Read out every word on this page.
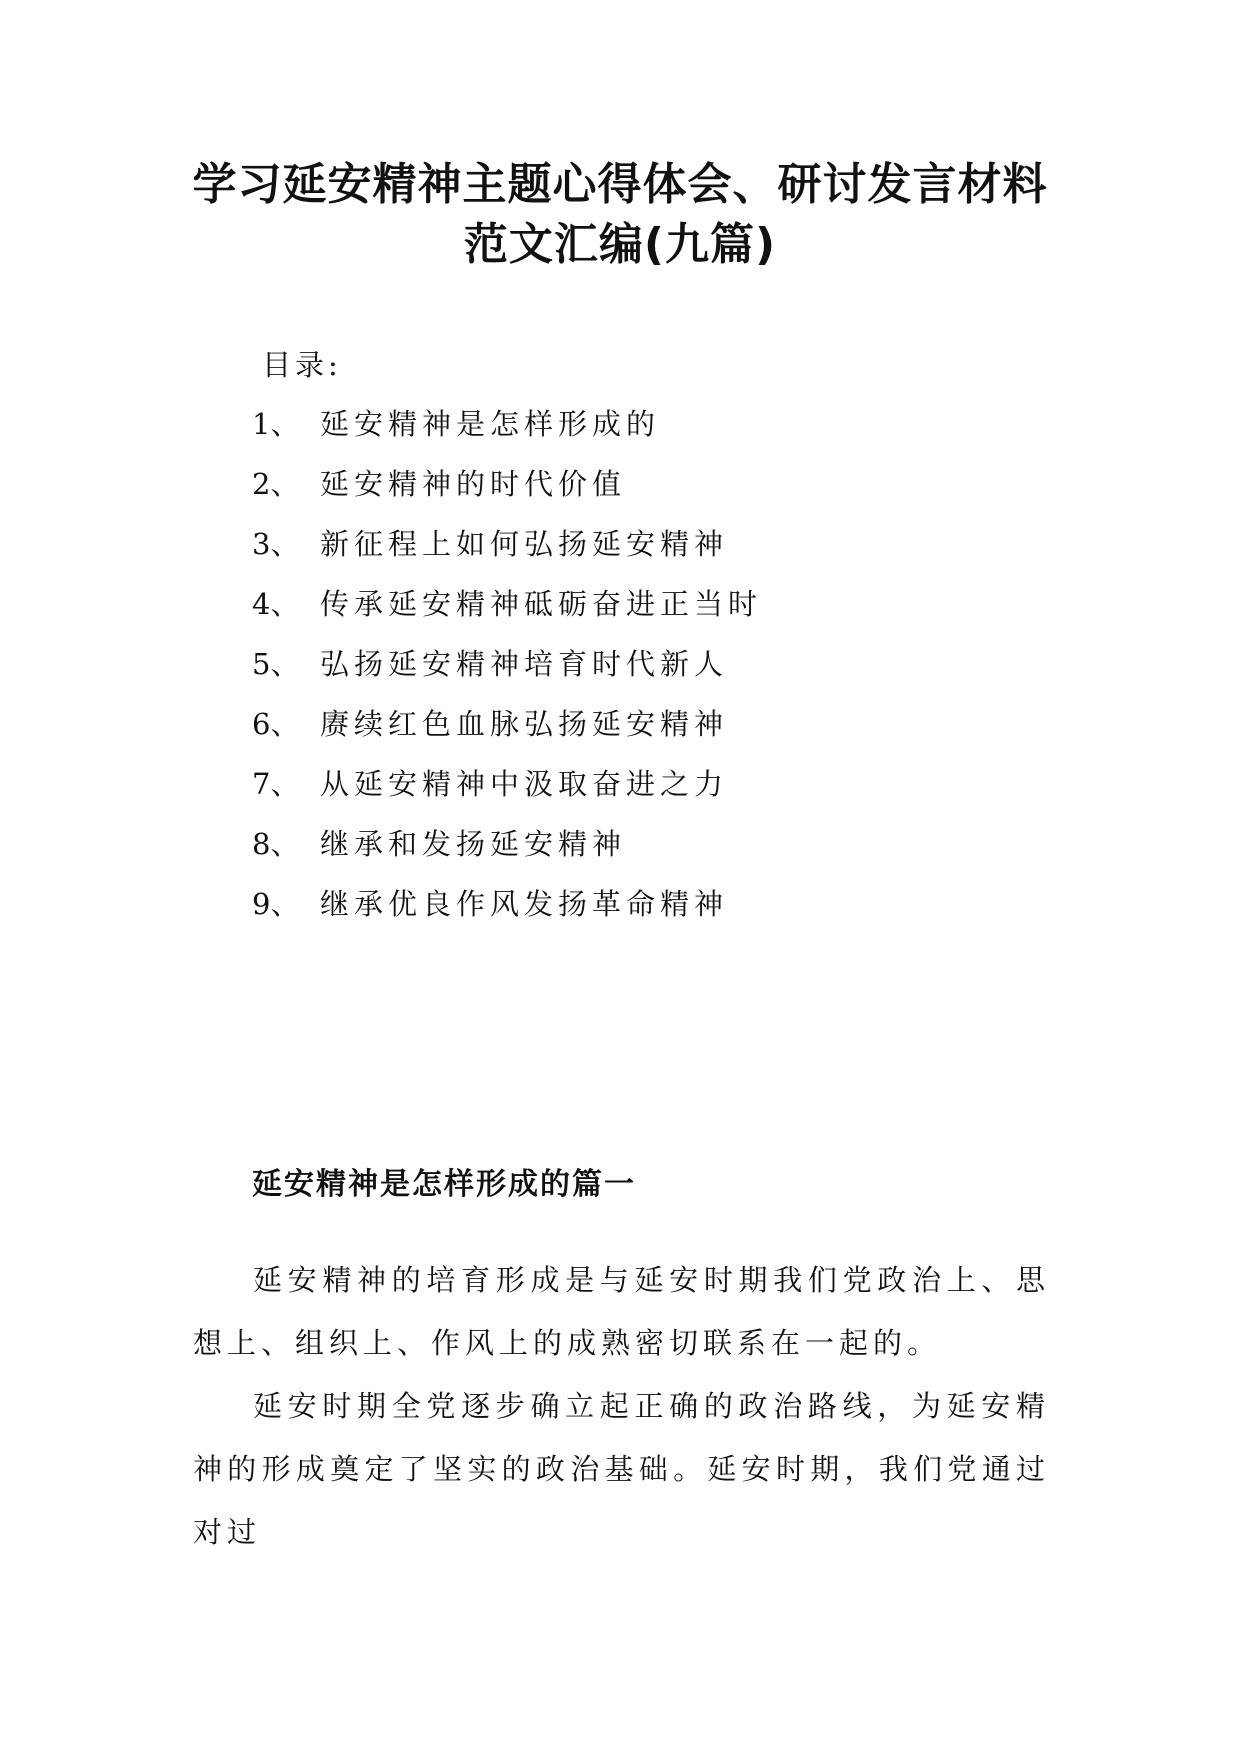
学习延安精神主题心得体会、研讨发言材料
范文汇编(九篇)
目录:
1、 延安精神是怎样形成的
2、 延安精神的时代价值
3、 新征程上如何弘扬延安精神
4、 传承延安精神砥砺奋进正当时
5、 弘扬延安精神培育时代新人
6、 赓续红色血脉弘扬延安精神
7、 从延安精神中汲取奋进之力
8、 继承和发扬延安精神
9、 继承优良作风发扬革命精神
延安精神是怎样形成的篇一

延安精神的培育形成是与延安时期我们党政治上、思想上、组织上、作风上的成熟密切联系在一起的。

延安时期全党逐步确立起正确的政治路线，为延安精神的形成奠定了坚实的政治基础。延安时期，我们党通过对过
